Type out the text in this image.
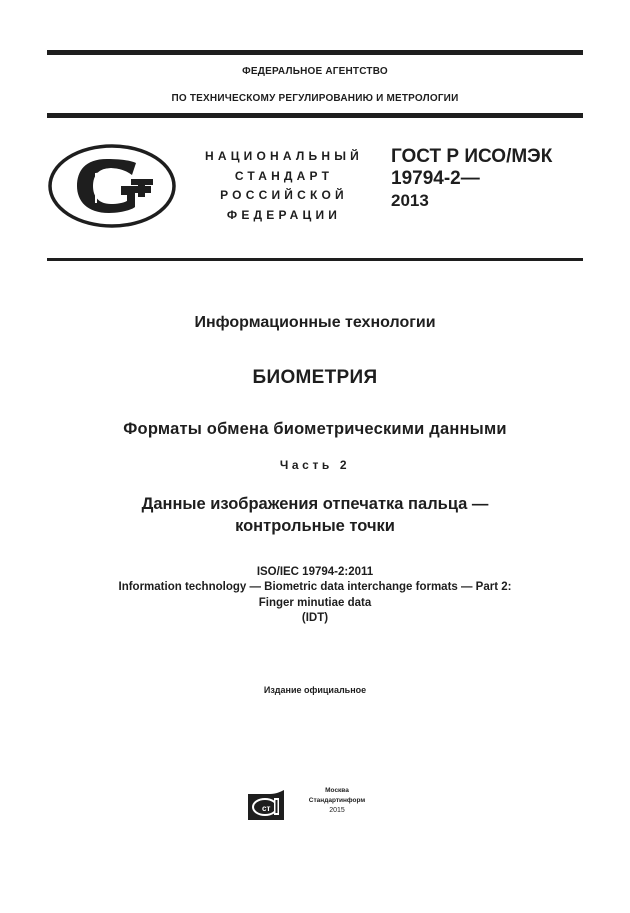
ФЕДЕРАЛЬНОЕ АГЕНТСТВО
ПО ТЕХНИЧЕСКОМУ РЕГУЛИРОВАНИЮ И МЕТРОЛОГИИ
НАЦИОНАЛЬНЫЙ
СТАНДАРТ
РОССИЙСКОЙ
ФЕДЕРАЦИИ
ГОСТ Р ИСО/МЭК
19794-2—
2013
Информационные технологии
БИОМЕТРИЯ
Форматы обмена биометрическими данными
Часть 2
Данные изображения отпечатка пальца —
контрольные точки
ISO/IEC 19794-2:2011
Information technology — Biometric data interchange formats — Part 2:
Finger minutiae data
(IDT)
Издание официальное
ст
Москва
Стандартинформ
2015
